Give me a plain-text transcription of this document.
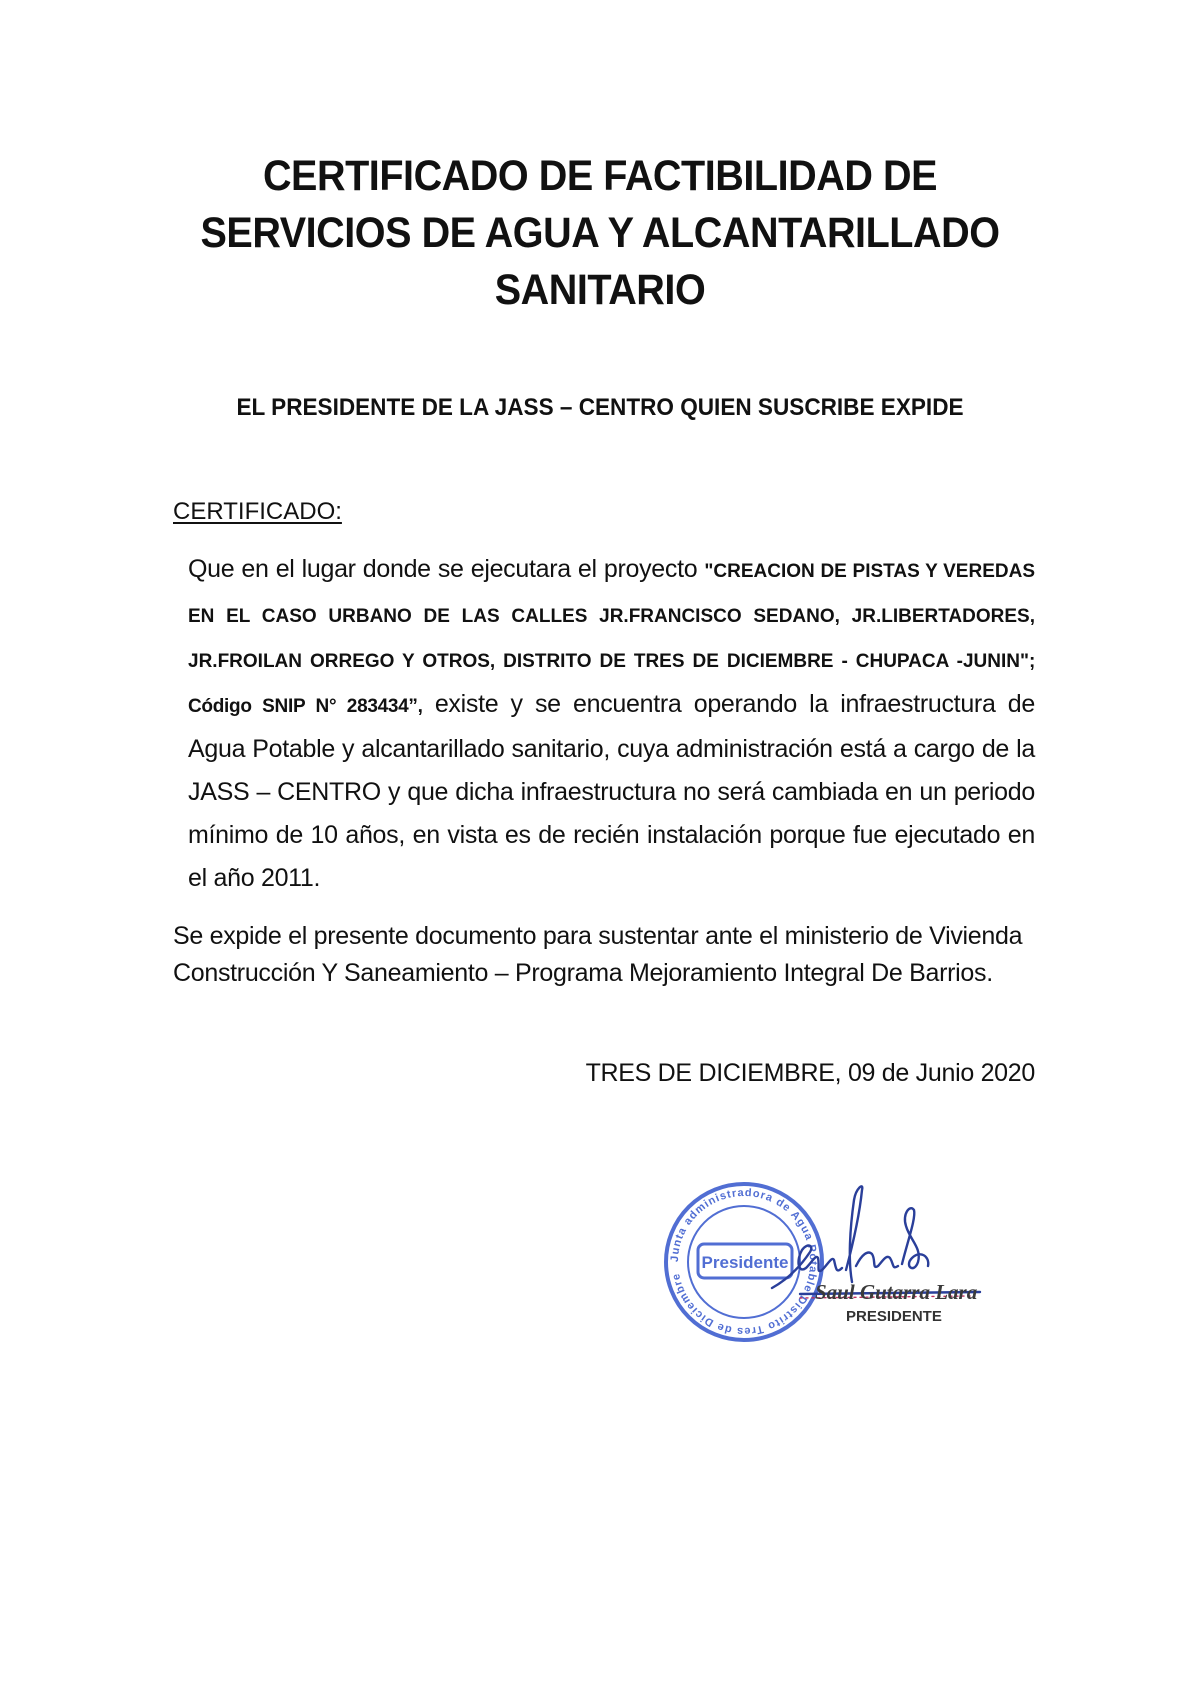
CERTIFICADO DE FACTIBILIDAD DE
SERVICIOS DE AGUA Y ALCANTARILLADO
SANITARIO
EL PRESIDENTE DE LA JASS – CENTRO QUIEN SUSCRIBE EXPIDE
CERTIFICADO:
Que en el lugar donde se ejecutara el proyecto "CREACION DE PISTAS Y VEREDAS EN EL CASO URBANO DE LAS CALLES JR.FRANCISCO SEDANO, JR.LIBERTADORES, JR.FROILAN ORREGO Y OTROS, DISTRITO DE TRES DE DICIEMBRE - CHUPACA -JUNIN"; Código SNIP N° 283434”, existe y se encuentra operando la infraestructura de Agua Potable y alcantarillado sanitario, cuya administración está a cargo de la JASS – CENTRO y que dicha infraestructura no será cambiada en un periodo mínimo de 10 años, en vista es de recién instalación porque fue ejecutado en el año 2011.
Se expide el presente documento para sustentar ante el ministerio de Vivienda Construcción Y Saneamiento – Programa Mejoramiento Integral De Barrios.
TRES DE DICIEMBRE, 09 de Junio 2020
Junta administradora de Agua Potable Distrito Tres de Diciembre
Presidente
Saul Gutarra Lara
PRESIDENTE
